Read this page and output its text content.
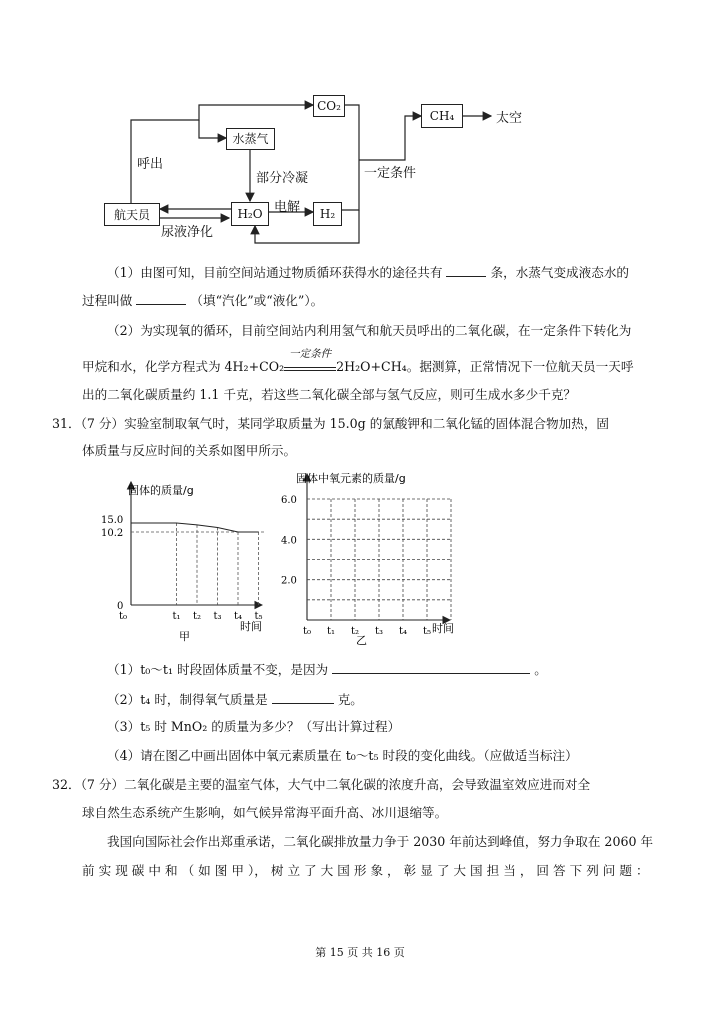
CO₂
水蒸气
航天员	H₂O	H₂
CH₄	太空
呼出
部分冷凝
电解
一定条件
尿液净化
（1）由图可知，目前空间站通过物质循环获得水的途径共有	条，水蒸气变成液态水的
过程叫做	（填“汽化”或“液化”）。
（2）为实现氧的循环，目前空间站内利用氢气和航天员呼出的二氧化碳，在一定条件下转化为
甲烷和水，化学方程式为 4H₂+CO₂
一定条件
2H₂O+CH₄。据测算，正常情况下一位航天员一天呼
出的二氧化碳质量约 1.1 千克，若这些二氧化碳全部与氢气反应，则可生成水多少千克？
31．（7 分）实验室制取氧气时，某同学取质量为 15.0g 的氯酸钾和二氧化锰的固体混合物加热，固
体质量与反应时间的关系如图甲所示。
t₀	t₁ t₂ t₃ t₄ t₅
15.0
10.2
0
固体的质量/g
时间
甲
6.0
4.0
2.0
t₀ t₁ t₂ t₃ t₄ t₅
固体中氧元素的质量/g
时间
乙
（1）t₀～t₁ 时段固体质量不变，是因为	。
（2）t₄ 时，制得氧气质量是	克。
（3）t₅ 时 MnO₂ 的质量为多少？（写出计算过程）
（4）请在图乙中画出固体中氧元素质量在 t₀～t₅ 时段的变化曲线。（应做适当标注）
32．（7 分）二氧化碳是主要的温室气体，大气中二氧化碳的浓度升高，会导致温室效应进而对全
球自然生态系统产生影响，如气候异常海平面升高、冰川退缩等。
我国向国际社会作出郑重承诺，二氧化碳排放量力争于 2030 年前达到峰值，努力争取在 2060 年
前 实 现 碳 中 和 （ 如 图 甲 ）， 树 立 了 大 国 形 象 ， 彰 显 了 大 国 担 当 ， 回 答 下 列 问 题 ：
第 15 页 共 16 页
